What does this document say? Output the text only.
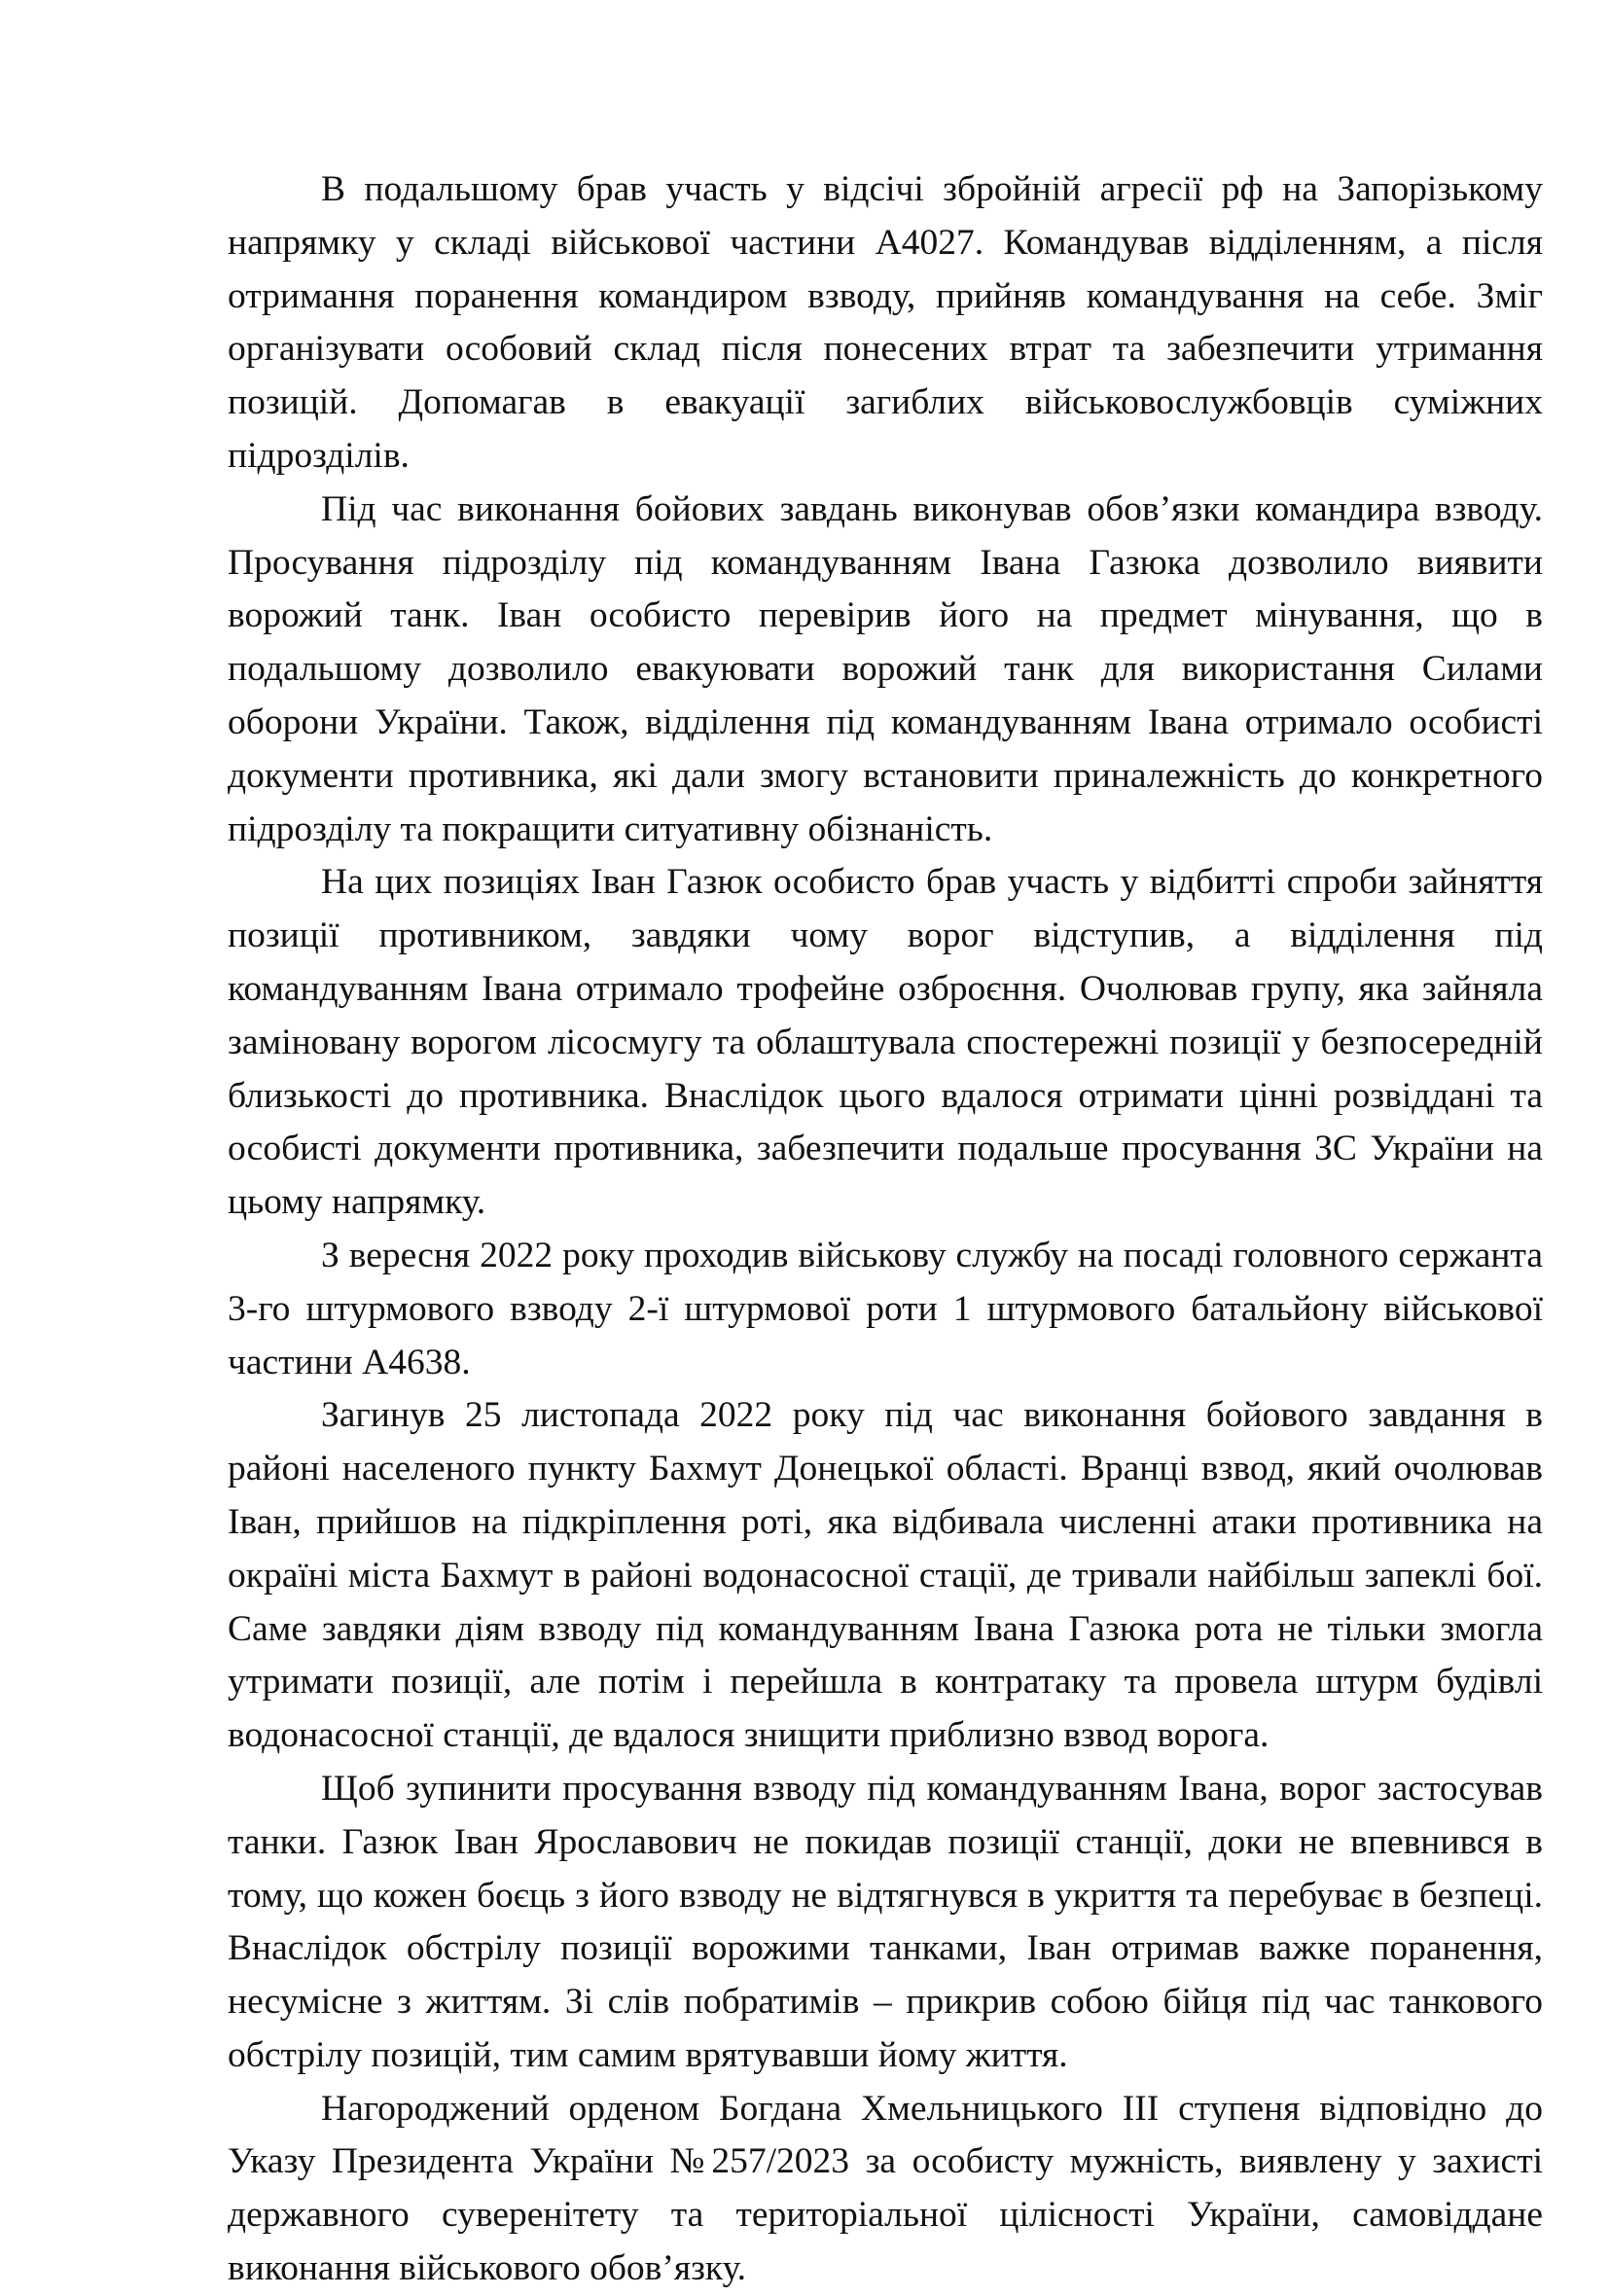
В подальшому брав участь у відсічі збройній агресії рф на Запорізькому напрямку у складі військової частини А4027. Командував відділенням, а після отримання поранення командиром взводу, прийняв командування на себе. Зміг організувати особовий склад після понесених втрат та забезпечити утримання позицій. Допомагав в евакуації загиблих військовослужбовців суміжних підрозділів.

Під час виконання бойових завдань виконував обов’язки командира взводу. Просування підрозділу під командуванням Івана Газюка дозволило виявити ворожий танк. Іван особисто перевірив його на предмет мінування, що в подальшому дозволило евакуювати ворожий танк для використання Силами оборони України. Також, відділення під командуванням Івана отримало особисті документи противника, які дали змогу встановити приналежність до конкретного підрозділу та покращити ситуативну обізнаність.

На цих позиціях Іван Газюк особисто брав участь у відбитті спроби зайняття позиції противником, завдяки чому ворог відступив, а відділення під командуванням Івана отримало трофейне озброєння. Очолював групу, яка зайняла заміновану ворогом лісосмугу та облаштувала спостережні позиції у безпосередній близькості до противника. Внаслідок цього вдалося отримати цінні розвіддані та особисті документи противника, забезпечити подальше просування ЗС України на цьому напрямку.

З вересня 2022 року проходив військову службу на посаді головного сержанта 3-го штурмового взводу 2-ї штурмової роти 1 штурмового батальйону військової частини А4638.

Загинув 25 листопада 2022 року під час виконання бойового завдання в районі населеного пункту Бахмут Донецької області. Вранці взвод, який очолював Іван, прийшов на підкріплення роті, яка відбивала численні атаки противника на окраїні міста Бахмут в районі водонасосної стації, де тривали найбільш запеклі бої. Саме завдяки діям взводу під командуванням Івана Газюка рота не тільки змогла утримати позиції, але потім і перейшла в контратаку та провела штурм будівлі водонасосної станції, де вдалося знищити приблизно взвод ворога.

Щоб зупинити просування взводу під командуванням Івана, ворог застосував танки. Газюк Іван Ярославович не покидав позиції станції, доки не впевнився в тому, що кожен боєць з його взводу не відтягнувся в укриття та перебуває в безпеці. Внаслідок обстрілу позиції ворожими танками, Іван отримав важке поранення, несумісне з життям. Зі слів побратимів – прикрив собою бійця під час танкового обстрілу позицій, тим самим врятувавши йому життя.

Нагороджений орденом Богдана Хмельницького ІІІ ступеня відповідно до Указу Президента України №257/2023 за особисту мужність, виявлену у захисті державного суверенітету та територіальної цілісності України, самовіддане виконання військового обов’язку.
